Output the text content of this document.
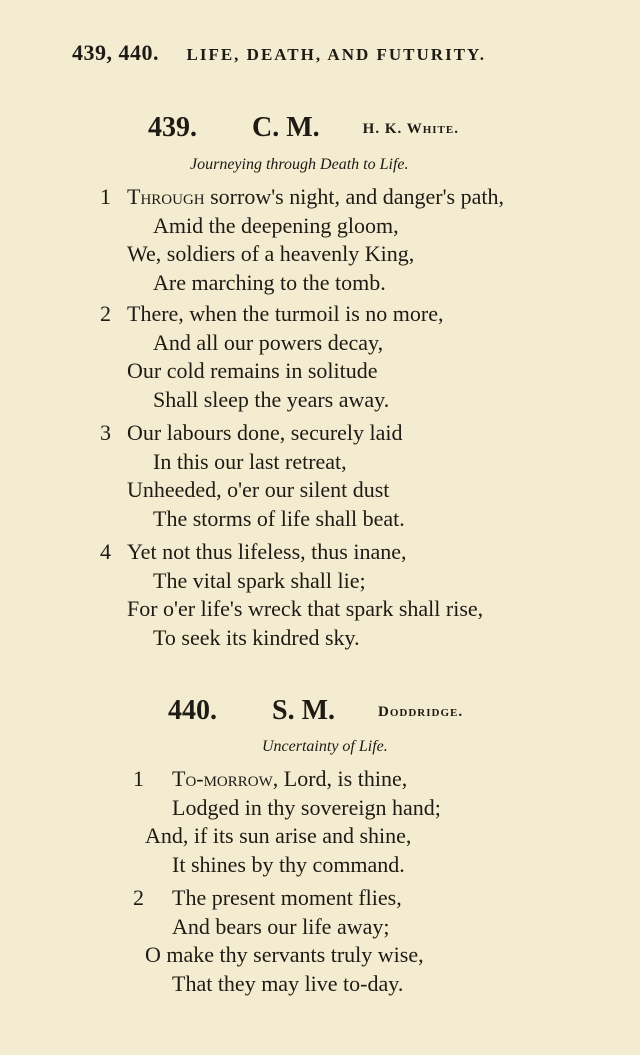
439, 440. LIFE, DEATH, AND FUTURITY.
439. C. M.	H. K. White.
Journeying through Death to Life.
1 Through sorrow's night, and danger's path,
Amid the deepening gloom,
We, soldiers of a heavenly King,
Are marching to the tomb.
2 There, when the turmoil is no more,
And all our powers decay,
Our cold remains in solitude
Shall sleep the years away.
3 Our labours done, securely laid
In this our last retreat,
Unheeded, o'er our silent dust
The storms of life shall beat.
4 Yet not thus lifeless, thus inane,
The vital spark shall lie;
For o'er life's wreck that spark shall rise,
To seek its kindred sky.
440. S. M.	Doddridge.
Uncertainty of Life.
1 To-morrow, Lord, is thine,
Lodged in thy sovereign hand;
And, if its sun arise and shine,
It shines by thy command.
2 The present moment flies,
And bears our life away;
O make thy servants truly wise,
That they may live to-day.
